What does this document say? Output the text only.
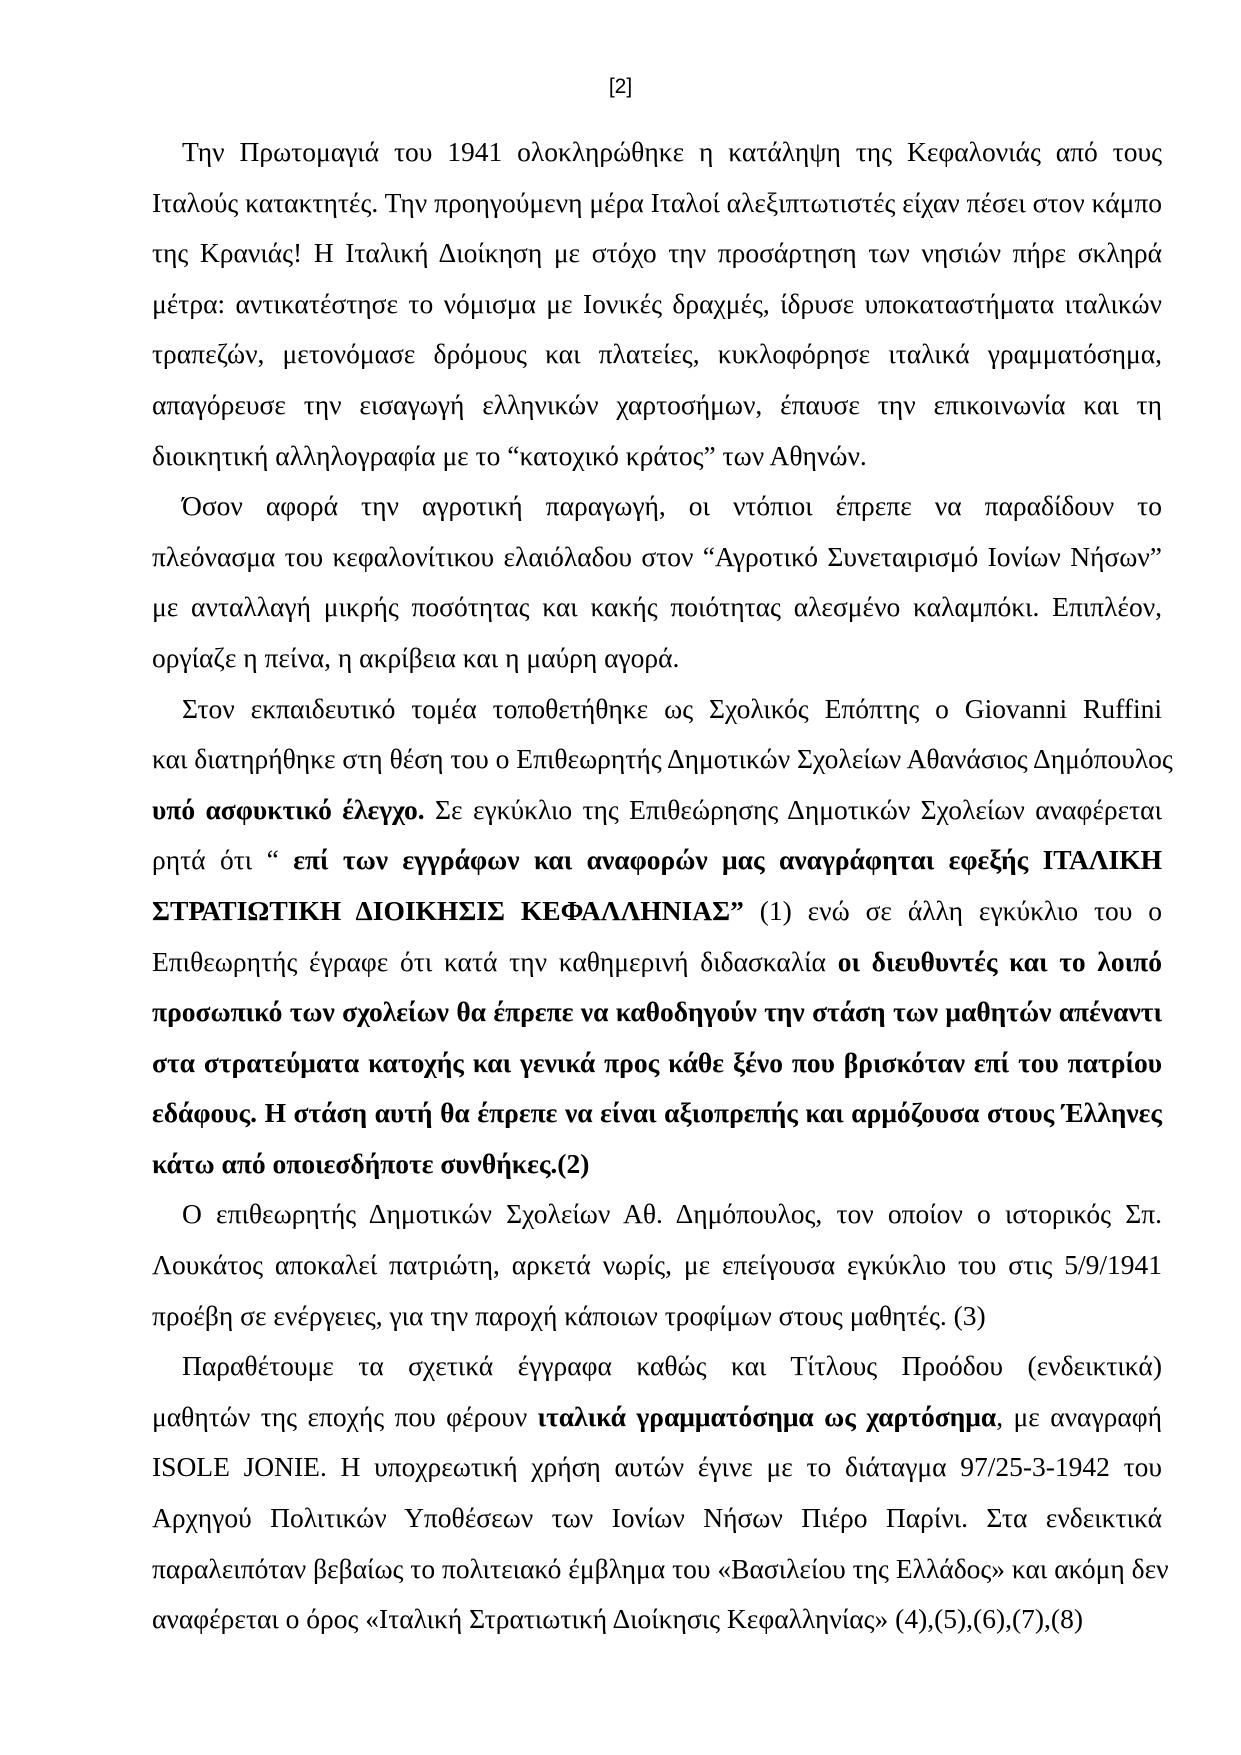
[2]
Την Πρωτομαγιά του 1941 ολοκληρώθηκε η κατάληψη της Κεφαλονιάς από τους
Ιταλούς κατακτητές. Την προηγούμενη μέρα Ιταλοί αλεξιπτωτιστές είχαν πέσει στον κάμπο
της Κρανιάς! Η Ιταλική Διοίκηση με στόχο την προσάρτηση των νησιών πήρε σκληρά
μέτρα: αντικατέστησε το νόμισμα με Ιονικές δραχμές, ίδρυσε υποκαταστήματα ιταλικών
τραπεζών, μετονόμασε δρόμους και πλατείες, κυκλοφόρησε ιταλικά γραμματόσημα,
απαγόρευσε την εισαγωγή ελληνικών χαρτοσήμων, έπαυσε την επικοινωνία και τη
διοικητική αλληλογραφία με το “κατοχικό κράτος” των Αθηνών.
Όσον αφορά την αγροτική παραγωγή, οι ντόπιοι έπρεπε να παραδίδουν το
πλεόνασμα του κεφαλονίτικου ελαιόλαδου στον “Αγροτικό Συνεταιρισμό Ιονίων Νήσων”
με ανταλλαγή μικρής ποσότητας και κακής ποιότητας αλεσμένο καλαμπόκι. Επιπλέον,
οργίαζε η πείνα, η ακρίβεια και η μαύρη αγορά.
Στον εκπαιδευτικό τομέα τοποθετήθηκε ως Σχολικός Επόπτης ο Giovanni Ruffini
και διατηρήθηκε στη θέση του ο Επιθεωρητής Δημοτικών Σχολείων Αθανάσιος Δημόπουλος
υπό ασφυκτικό έλεγχο. Σε εγκύκλιο της Επιθεώρησης Δημοτικών Σχολείων αναφέρεται
ρητά ότι “ επί των εγγράφων και αναφορών μας αναγράφηται εφεξής ΙΤΑΛΙΚΗ
ΣΤΡΑΤΙΩΤΙΚΗ ΔΙΟΙΚΗΣΙΣ ΚΕΦΑΛΛΗΝΙΑΣ” (1) ενώ σε άλλη εγκύκλιο του ο
Επιθεωρητής έγραφε ότι κατά την καθημερινή διδασκαλία οι διευθυντές και το λοιπό
προσωπικό των σχολείων θα έπρεπε να καθοδηγούν την στάση των μαθητών απέναντι
στα στρατεύματα κατοχής και γενικά προς κάθε ξένο που βρισκόταν επί του πατρίου
εδάφους. Η στάση αυτή θα έπρεπε να είναι αξιοπρεπής και αρμόζουσα στους Έλληνες
κάτω από οποιεσδήποτε συνθήκες.(2)
Ο επιθεωρητής Δημοτικών Σχολείων Αθ. Δημόπουλος, τον οποίον ο ιστορικός Σπ.
Λουκάτος αποκαλεί πατριώτη, αρκετά νωρίς, με επείγουσα εγκύκλιο του στις 5/9/1941
προέβη σε ενέργειες, για την παροχή κάποιων τροφίμων στους μαθητές. (3)
Παραθέτουμε τα σχετικά έγγραφα καθώς και Τίτλους Προόδου (ενδεικτικά)
μαθητών της εποχής που φέρουν ιταλικά γραμματόσημα ως χαρτόσημα, με αναγραφή
ISOLE JONIE. Η υποχρεωτική χρήση αυτών έγινε με το διάταγμα 97/25-3-1942 του
Αρχηγού Πολιτικών Υποθέσεων των Ιονίων Νήσων Πιέρο Παρίνι. Στα ενδεικτικά
παραλειπόταν βεβαίως το πολιτειακό έμβλημα του «Βασιλείου της Ελλάδος» και ακόμη δεν
αναφέρεται ο όρος «Ιταλική Στρατιωτική Διοίκησις Κεφαλληνίας» (4),(5),(6),(7),(8)
